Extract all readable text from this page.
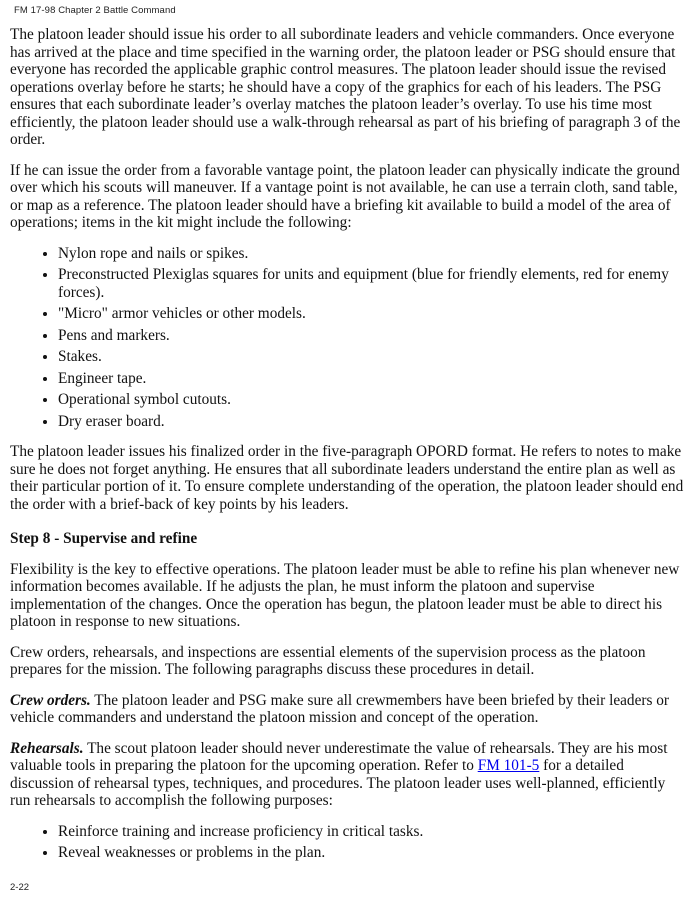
FM 17-98 Chapter 2 Battle Command

The platoon leader should issue his order to all subordinate leaders and vehicle commanders. Once everyone has arrived at the place and time specified in the warning order, the platoon leader or PSG should ensure that everyone has recorded the applicable graphic control measures. The platoon leader should issue the revised operations overlay before he starts; he should have a copy of the graphics for each of his leaders. The PSG ensures that each subordinate leader’s overlay matches the platoon leader’s overlay. To use his time most efficiently, the platoon leader should use a walk-through rehearsal as part of his briefing of paragraph 3 of the order.

If he can issue the order from a favorable vantage point, the platoon leader can physically indicate the ground over which his scouts will maneuver. If a vantage point is not available, he can use a terrain cloth, sand table, or map as a reference. The platoon leader should have a briefing kit available to build a model of the area of operations; items in the kit might include the following:

• Nylon rope and nails or spikes.
• Preconstructed Plexiglas squares for units and equipment (blue for friendly elements, red for enemy forces).
• "Micro" armor vehicles or other models.
• Pens and markers.
• Stakes.
• Engineer tape.
• Operational symbol cutouts.
• Dry eraser board.

The platoon leader issues his finalized order in the five-paragraph OPORD format. He refers to notes to make sure he does not forget anything. He ensures that all subordinate leaders understand the entire plan as well as their particular portion of it. To ensure complete understanding of the operation, the platoon leader should end the order with a brief-back of key points by his leaders.

Step 8 - Supervise and refine

Flexibility is the key to effective operations. The platoon leader must be able to refine his plan whenever new information becomes available. If he adjusts the plan, he must inform the platoon and supervise implementation of the changes. Once the operation has begun, the platoon leader must be able to direct his platoon in response to new situations.

Crew orders, rehearsals, and inspections are essential elements of the supervision process as the platoon prepares for the mission. The following paragraphs discuss these procedures in detail.

Crew orders. The platoon leader and PSG make sure all crewmembers have been briefed by their leaders or vehicle commanders and understand the platoon mission and concept of the operation.

Rehearsals. The scout platoon leader should never underestimate the value of rehearsals. They are his most valuable tools in preparing the platoon for the upcoming operation. Refer to FM 101-5 for a detailed discussion of rehearsal types, techniques, and procedures. The platoon leader uses well-planned, efficiently run rehearsals to accomplish the following purposes:

• Reinforce training and increase proficiency in critical tasks.
• Reveal weaknesses or problems in the plan.
2-22
